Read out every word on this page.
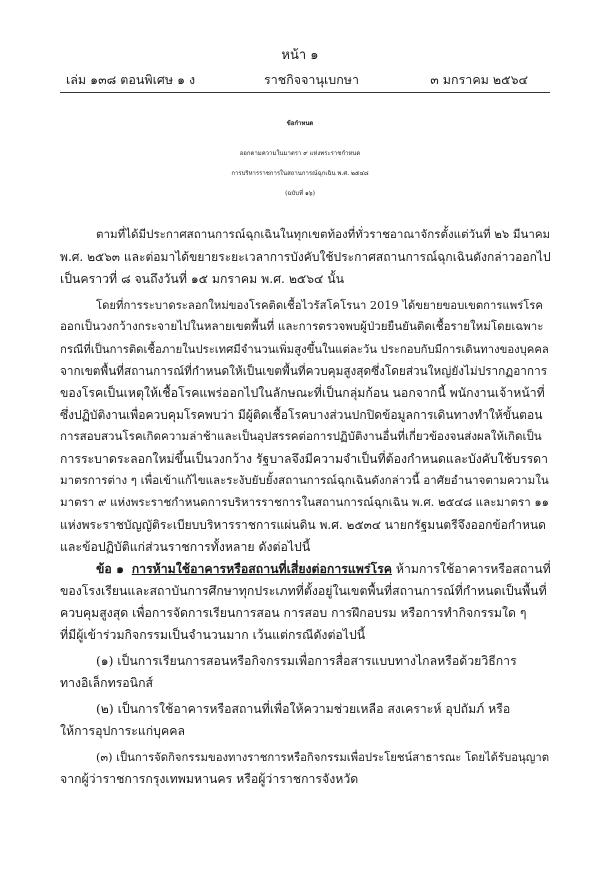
หน้า ๑
เล่ม ๑๓๘ ตอนพิเศษ ๑ ง	ราชกิจจานุเบกษา	๓ มกราคม ๒๕๖๔
ข้อกำหนด
ออกตามความในมาตรา ๙ แห่งพระราชกำหนด
การบริหารราชการในสถานการณ์ฉุกเฉิน พ.ศ. ๒๕๔๘
(ฉบับที่ ๑๖)
ตามที่ได้มีประกาศสถานการณ์ฉุกเฉินในทุกเขตท้องที่ทั่วราชอาณาจักรตั้งแต่วันที่ ๒๖ มีนาคม
พ.ศ. ๒๕๖๓ และต่อมาได้ขยายระยะเวลาการบังคับใช้ประกาศสถานการณ์ฉุกเฉินดังกล่าวออกไป
เป็นคราวที่ ๘ จนถึงวันที่ ๑๕ มกราคม พ.ศ. ๒๕๖๔ นั้น
โดยที่การระบาดระลอกใหม่ของโรคติดเชื้อไวรัสโคโรนา 2019 ได้ขยายขอบเขตการแพร่โรค
ออกเป็นวงกว้างกระจายไปในหลายเขตพื้นที่ และการตรวจพบผู้ป่วยยืนยันติดเชื้อรายใหม่โดยเฉพาะ
กรณีที่เป็นการติดเชื้อภายในประเทศมีจำนวนเพิ่มสูงขึ้นในแต่ละวัน ประกอบกับมีการเดินทางของบุคคล
จากเขตพื้นที่สถานการณ์ที่กำหนดให้เป็นเขตพื้นที่ควบคุมสูงสุดซึ่งโดยส่วนใหญ่ยังไม่ปรากฏอาการ
ของโรคเป็นเหตุให้เชื้อโรคแพร่ออกไปในลักษณะที่เป็นกลุ่มก้อน นอกจากนี้ พนักงานเจ้าหน้าที่
ซึ่งปฏิบัติงานเพื่อควบคุมโรคพบว่า มีผู้ติดเชื้อโรคบางส่วนปกปิดข้อมูลการเดินทางทำให้ขั้นตอน
การสอบสวนโรคเกิดความล่าช้าและเป็นอุปสรรคต่อการปฏิบัติงานอื่นที่เกี่ยวข้องจนส่งผลให้เกิดเป็น
การระบาดระลอกใหม่ขึ้นเป็นวงกว้าง รัฐบาลจึงมีความจำเป็นที่ต้องกำหนดและบังคับใช้บรรดา
มาตรการต่าง ๆ เพื่อเข้าแก้ไขและระงับยับยั้งสถานการณ์ฉุกเฉินดังกล่าวนี้ อาศัยอำนาจตามความใน
มาตรา ๙ แห่งพระราชกำหนดการบริหารราชการในสถานการณ์ฉุกเฉิน พ.ศ. ๒๕๔๘ และมาตรา ๑๑
แห่งพระราชบัญญัติระเบียบบริหารราชการแผ่นดิน พ.ศ. ๒๕๓๔ นายกรัฐมนตรีจึงออกข้อกำหนด
และข้อปฏิบัติแก่ส่วนราชการทั้งหลาย ดังต่อไปนี้
ข้อ ๑ การห้ามใช้อาคารหรือสถานที่เสี่ยงต่อการแพร่โรค ห้ามการใช้อาคารหรือสถานที่
ของโรงเรียนและสถาบันการศึกษาทุกประเภทที่ตั้งอยู่ในเขตพื้นที่สถานการณ์ที่กำหนดเป็นพื้นที่
ควบคุมสูงสุด เพื่อการจัดการเรียนการสอน การสอบ การฝึกอบรม หรือการทำกิจกรรมใด ๆ
ที่มีผู้เข้าร่วมกิจกรรมเป็นจำนวนมาก เว้นแต่กรณีดังต่อไปนี้
(๑) เป็นการเรียนการสอนหรือกิจกรรมเพื่อการสื่อสารแบบทางไกลหรือด้วยวิธีการ
ทางอิเล็กทรอนิกส์
(๒) เป็นการใช้อาคารหรือสถานที่เพื่อให้ความช่วยเหลือ สงเคราะห์ อุปถัมภ์ หรือ
ให้การอุปการะแก่บุคคล
(๓) เป็นการจัดกิจกรรมของทางราชการหรือกิจกรรมเพื่อประโยชน์สาธารณะ โดยได้รับอนุญาต
จากผู้ว่าราชการกรุงเทพมหานคร หรือผู้ว่าราชการจังหวัด
